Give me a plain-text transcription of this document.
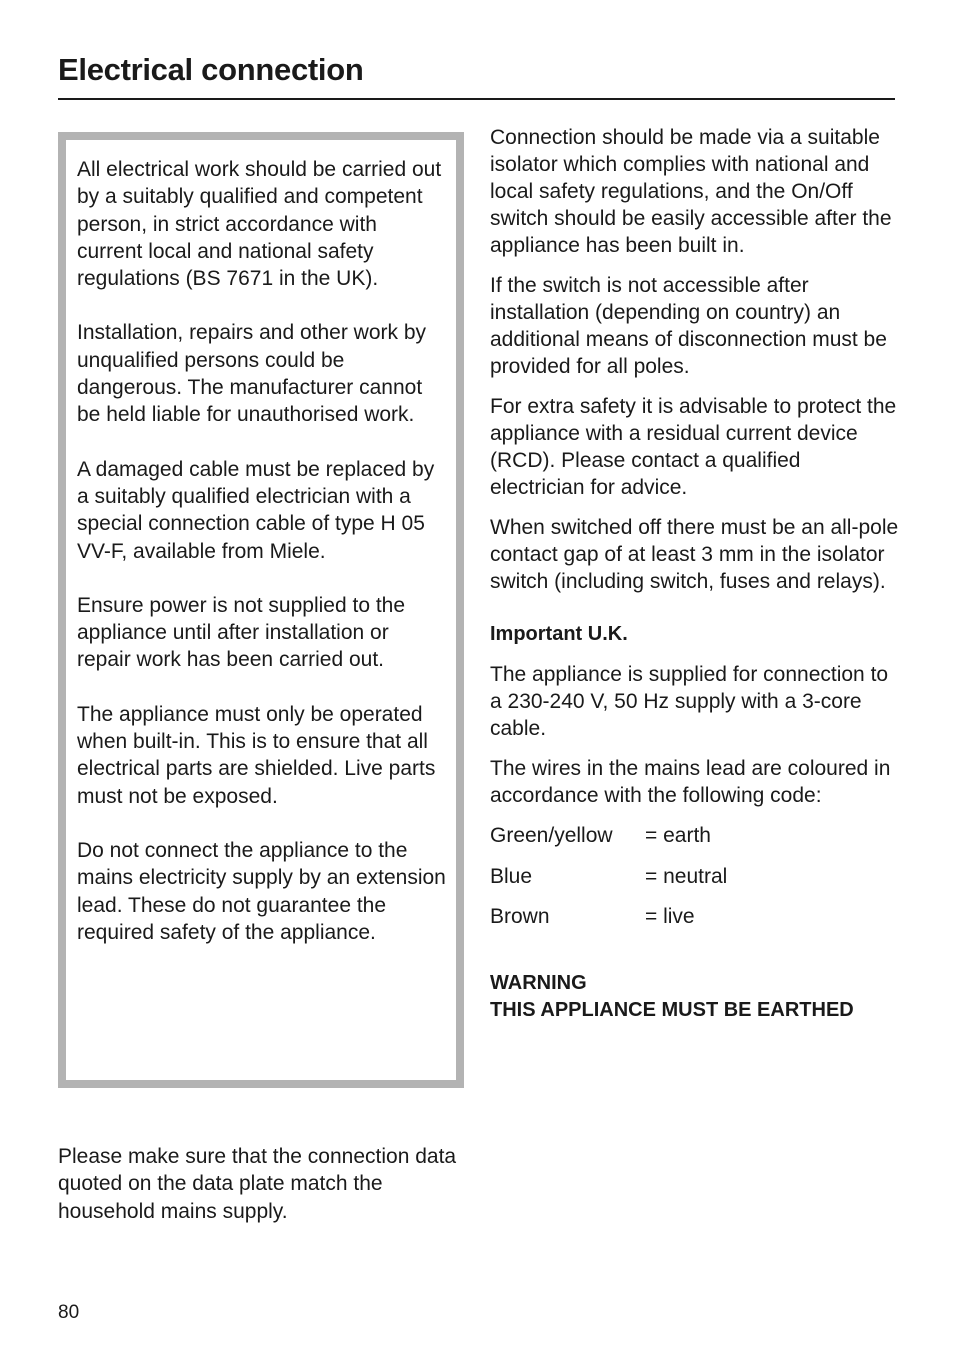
Electrical connection

All electrical work should be carried out by a suitably qualified and competent person, in strict accordance with current local and national safety regulations (BS 7671 in the UK).

Installation, repairs and other work by unqualified persons could be dangerous. The manufacturer cannot be held liable for unauthorised work.

A damaged cable must be replaced by a suitably qualified electrician with a special connection cable of type H 05 VV-F, available from Miele.

Ensure power is not supplied to the appliance until after installation or repair work has been carried out.

The appliance must only be operated when built-in. This is to ensure that all electrical parts are shielded. Live parts must not be exposed.

Do not connect the appliance to the mains electricity supply by an extension lead. These do not guarantee the required safety of the appliance.

Please make sure that the connection data quoted on the data plate match the household mains supply.

Connection should be made via a suitable isolator which complies with national and local safety regulations, and the On/Off switch should be easily accessible after the appliance has been built in.

If the switch is not accessible after installation (depending on country) an additional means of disconnection must be provided for all poles.

For extra safety it is advisable to protect the appliance with a residual current device (RCD). Please contact a qualified electrician for advice.

When switched off there must be an all-pole contact gap of at least 3 mm in the isolator switch (including switch, fuses and relays).

Important U.K.

The appliance is supplied for connection to a 230-240 V, 50 Hz supply with a 3-core cable.

The wires in the mains lead are coloured in accordance with the following code:

Green/yellow	= earth
Blue	= neutral
Brown	= live
WARNING
THIS APPLIANCE MUST BE EARTHED
80
